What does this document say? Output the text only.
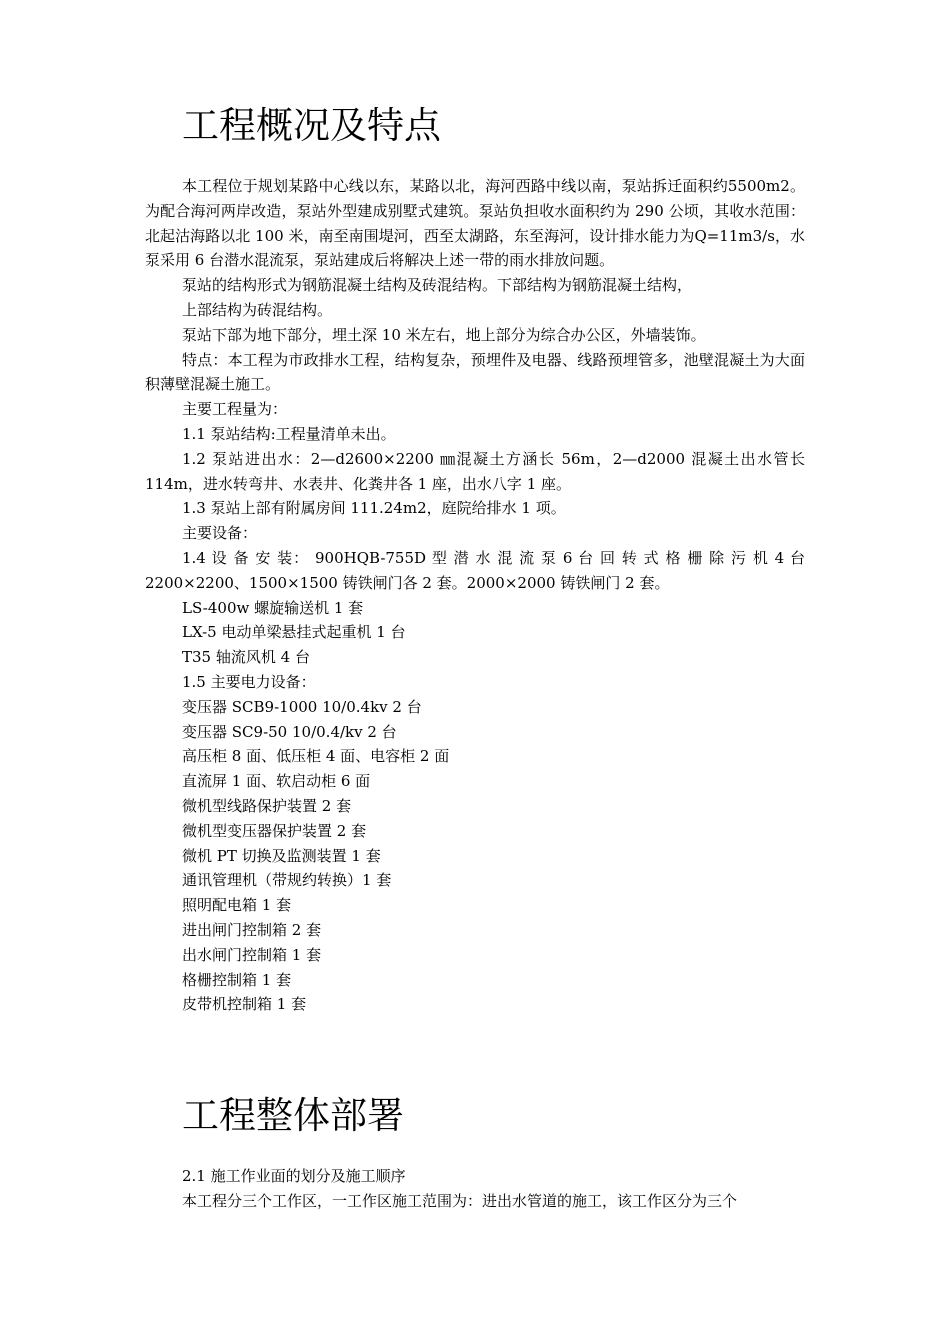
工程概况及特点

本工程位于规划某路中心线以东，某路以北，海河西路中线以南，泵站拆迁面积约5500m2。为配合海河两岸改造，泵站外型建成别墅式建筑。泵站负担收水面积约为 290 公顷，其收水范围：北起沽海路以北 100 米，南至南围堤河，西至太湖路，东至海河，设计排水能力为Q=11m3/s，水泵采用 6 台潜水混流泵，泵站建成后将解决上述一带的雨水排放问题。

泵站的结构形式为钢筋混凝土结构及砖混结构。下部结构为钢筋混凝土结构，

上部结构为砖混结构。

泵站下部为地下部分，埋土深 10 米左右，地上部分为综合办公区，外墙装饰。

特点：本工程为市政排水工程，结构复杂，预埋件及电器、线路预埋管多，池壁混凝土为大面积薄壁混凝土施工。

主要工程量为：

1.1 泵站结构:工程量清单未出。

1.2 泵站进出水：2—d2600×2200 ㎜混凝土方涵长 56m，2—d2000 混凝土出水管长 114m，进水转弯井、水表井、化粪井各 1 座，出水八字 1 座。

1.3 泵站上部有附属房间 111.24m2，庭院给排水 1 项。

主要设备：

1.4 设 备 安 装： 900HQB-755D 型 潜 水 混 流 泵 6 台 回 转 式 格 栅 除 污 机 4 台 2200×2200、1500×1500 铸铁闸门各 2 套。2000×2000 铸铁闸门 2 套。

LS-400w 螺旋输送机 1 套

LX-5 电动单梁悬挂式起重机 1 台

T35 轴流风机 4 台

1.5 主要电力设备：

变压器 SCB9-1000 10/0.4kv 2 台

变压器 SC9-50 10/0.4/kv 2 台

高压柜 8 面、低压柜 4 面、电容柜 2 面

直流屏 1 面、软启动柜 6 面

微机型线路保护装置 2 套

微机型变压器保护装置 2 套

微机 PT 切换及监测装置 1 套

通讯管理机（带规约转换）1 套

照明配电箱 1 套

进出闸门控制箱 2 套

出水闸门控制箱 1 套

格栅控制箱 1 套

皮带机控制箱 1 套

工程整体部署

2.1 施工作业面的划分及施工顺序

本工程分三个工作区，一工作区施工范围为：进出水管道的施工，该工作区分为三个
